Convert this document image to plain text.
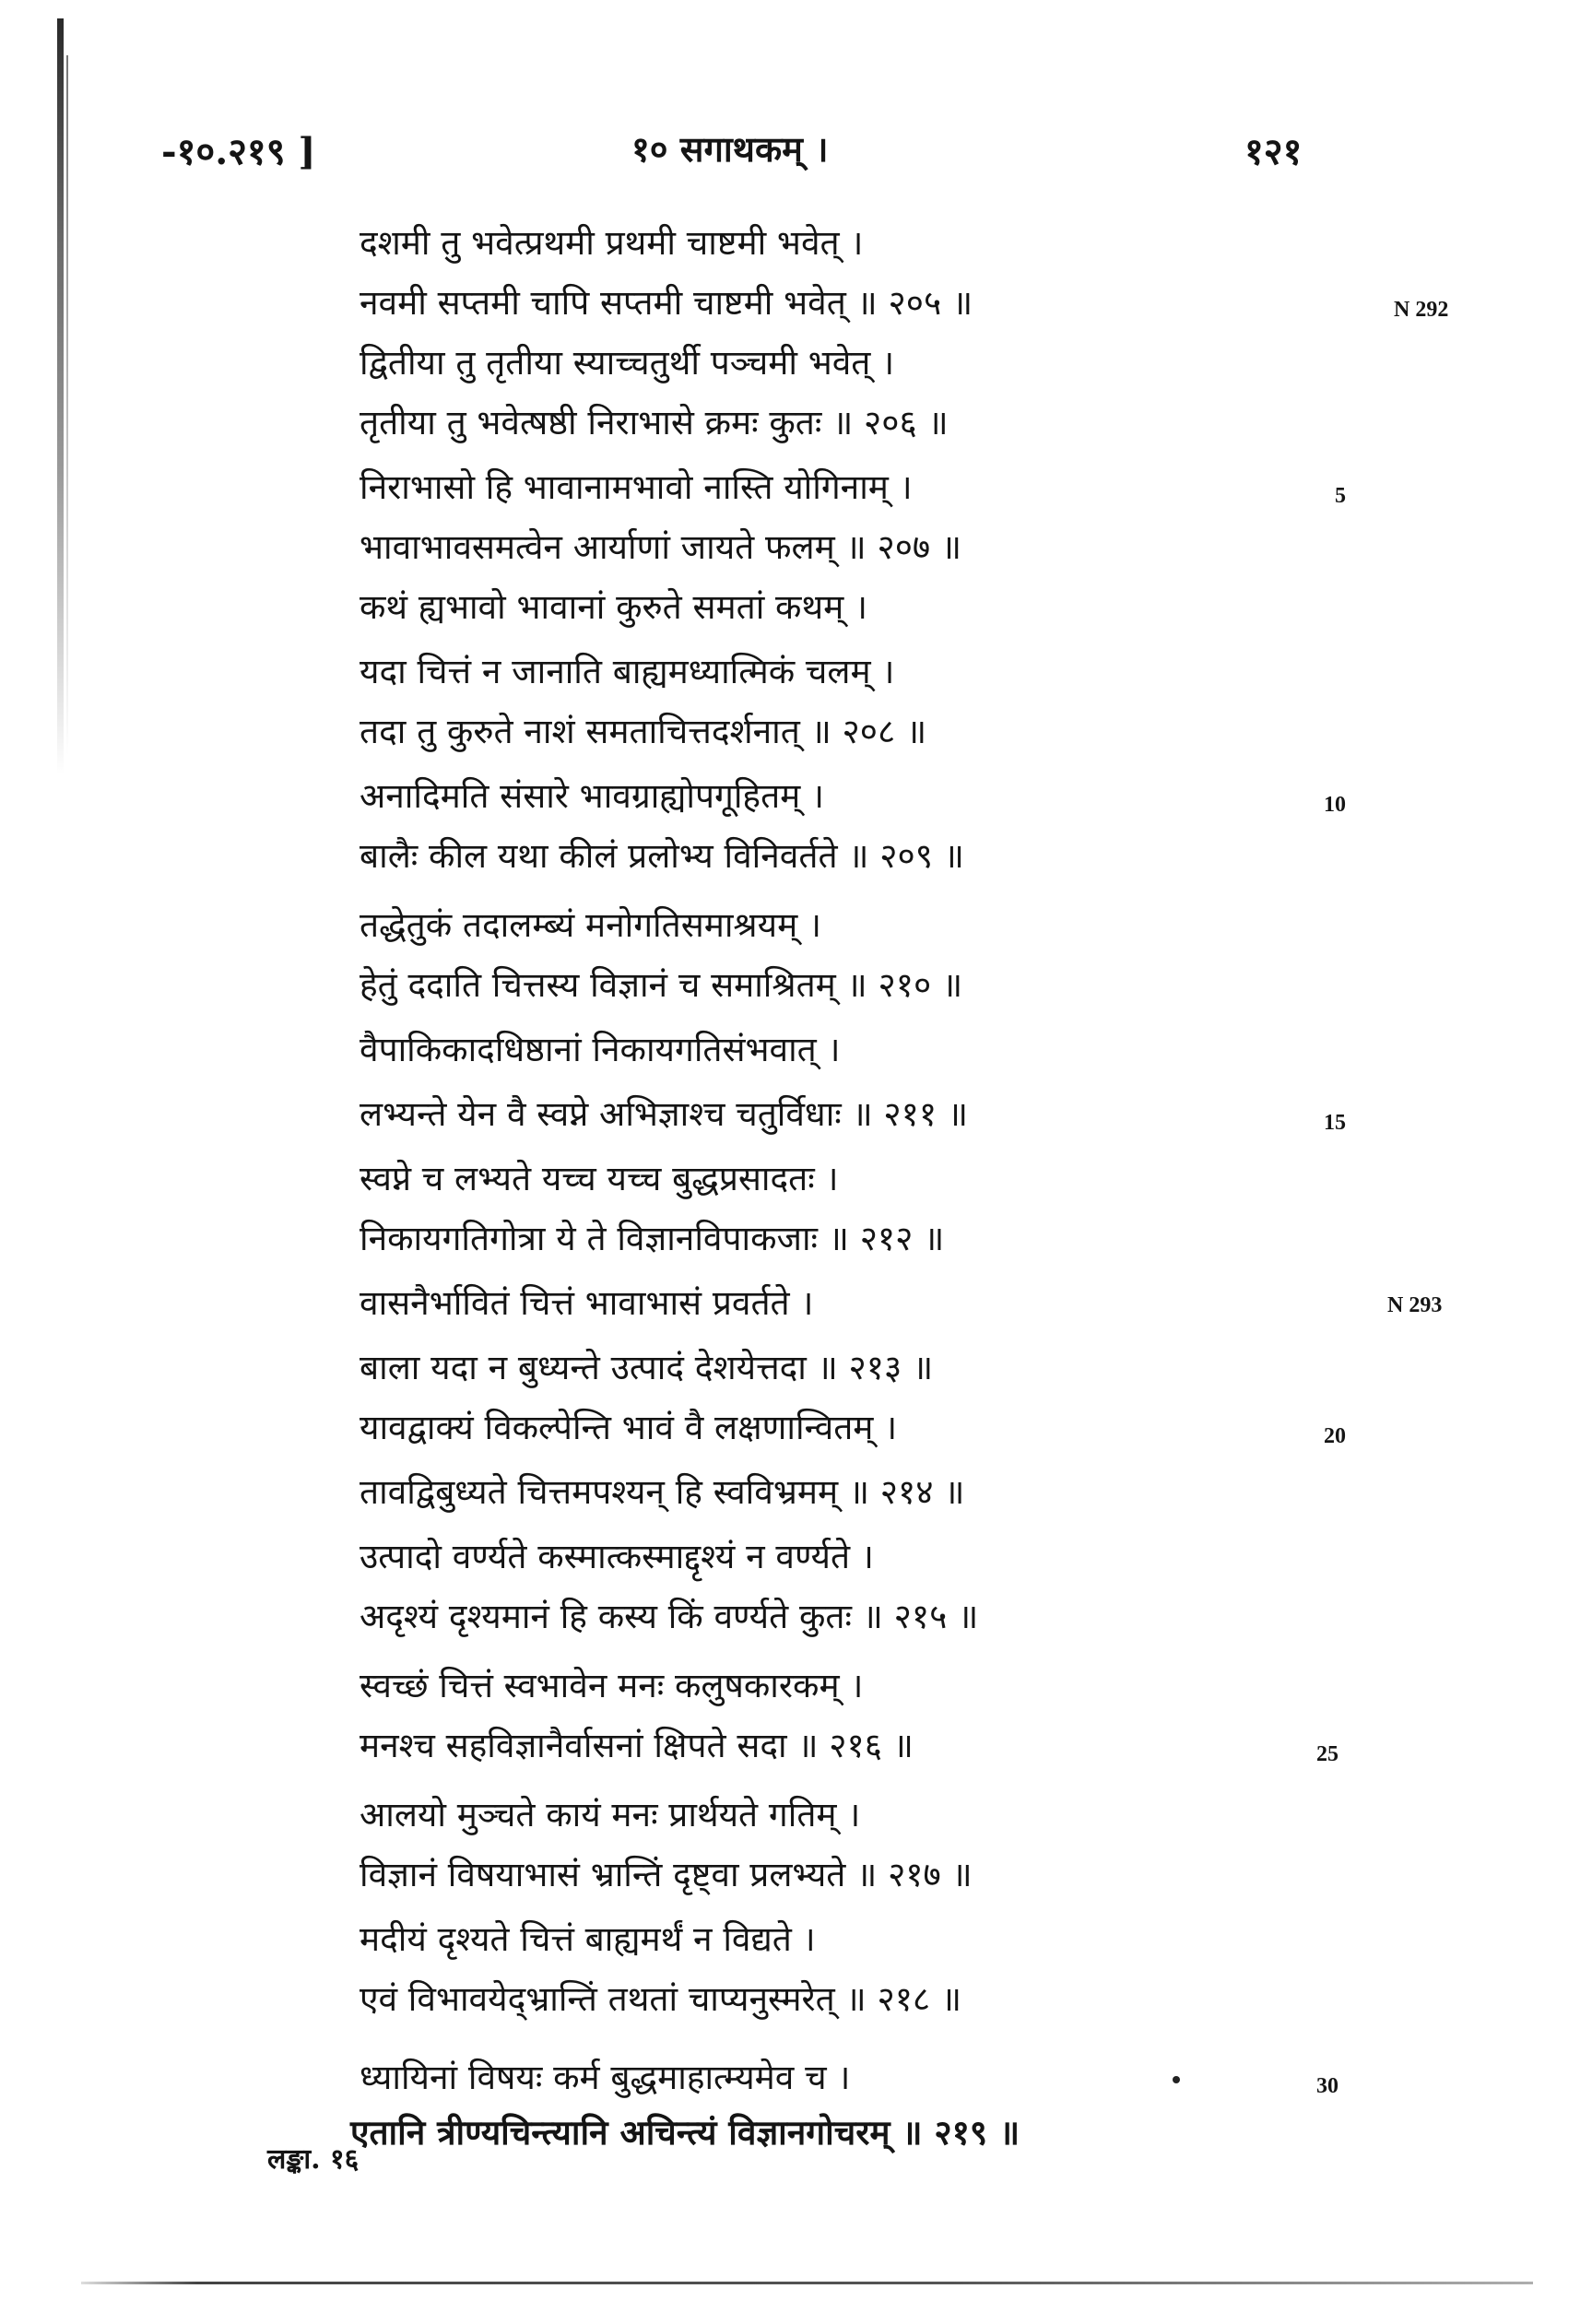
-१०.२१९ ]	१० सगाथकम् ।	१२१
दशमी तु भवेत्प्रथमी प्रथमी चाष्टमी भवेत् ।
नवमी सप्तमी चापि सप्तमी चाष्टमी भवेत् ॥ २०५ ॥
द्वितीया तु तृतीया स्याच्चतुर्थी पञ्चमी भवेत् ।
तृतीया तु भवेत्षष्ठी निराभासे क्रमः कुतः ॥ २०६ ॥
निराभासो हि भावानामभावो नास्ति योगिनाम् ।
भावाभावसमत्वेन आर्याणां जायते फलम् ॥ २०७ ॥
कथं ह्यभावो भावानां कुरुते समतां कथम् ।
यदा चित्तं न जानाति बाह्यमध्यात्मिकं चलम् ।
तदा तु कुरुते नाशं समताचित्तदर्शनात् ॥ २०८ ॥
अनादिमति संसारे भावग्राह्योपगूहितम् ।
बालैः कील यथा कीलं प्रलोभ्य विनिवर्तते ॥ २०९ ॥
तद्धेतुकं तदालम्ब्यं मनोगतिसमाश्रयम् ।
हेतुं ददाति चित्तस्य विज्ञानं च समाश्रितम् ॥ २१० ॥
वैपाकिकादधिष्ठानां निकायगतिसंभवात् ।
लभ्यन्ते येन वै स्वप्ने अभिज्ञाश्च चतुर्विधाः ॥ २११ ॥
स्वप्ने च लभ्यते यच्च यच्च बुद्धप्रसादतः ।
निकायगतिगोत्रा ये ते विज्ञानविपाकजाः ॥ २१२ ॥
वासनैर्भावितं चित्तं भावाभासं प्रवर्तते ।
बाला यदा न बुध्यन्ते उत्पादं देशयेत्तदा ॥ २१३ ॥
यावद्वाक्यं विकल्पेन्ति भावं वै लक्षणान्वितम् ।
तावद्विबुध्यते चित्तमपश्यन् हि स्वविभ्रमम् ॥ २१४ ॥
उत्पादो वर्ण्यते कस्मात्कस्माद्दृश्यं न वर्ण्यते ।
अदृश्यं दृश्यमानं हि कस्य किं वर्ण्यते कुतः ॥ २१५ ॥
स्वच्छं चित्तं स्वभावेन मनः कलुषकारकम् ।
मनश्च सहविज्ञानैर्वासनां क्षिपते सदा ॥ २१६ ॥
आलयो मुञ्चते कायं मनः प्रार्थयते गतिम् ।
विज्ञानं विषयाभासं भ्रान्तिं दृष्ट्वा प्रलभ्यते ॥ २१७ ॥
मदीयं दृश्यते चित्तं बाह्यमर्थं न विद्यते ।
एवं विभावयेद्भ्रान्तिं तथतां चाप्यनुस्मरेत् ॥ २१८ ॥
ध्यायिनां विषयः कर्म बुद्धमाहात्म्यमेव च ।
एतानि त्रीण्यचिन्त्यानि अचिन्त्यं विज्ञानगोचरम् ॥ २१९ ॥
5
10
15
20
25
30
N 292
N 293
लङ्का. १६
